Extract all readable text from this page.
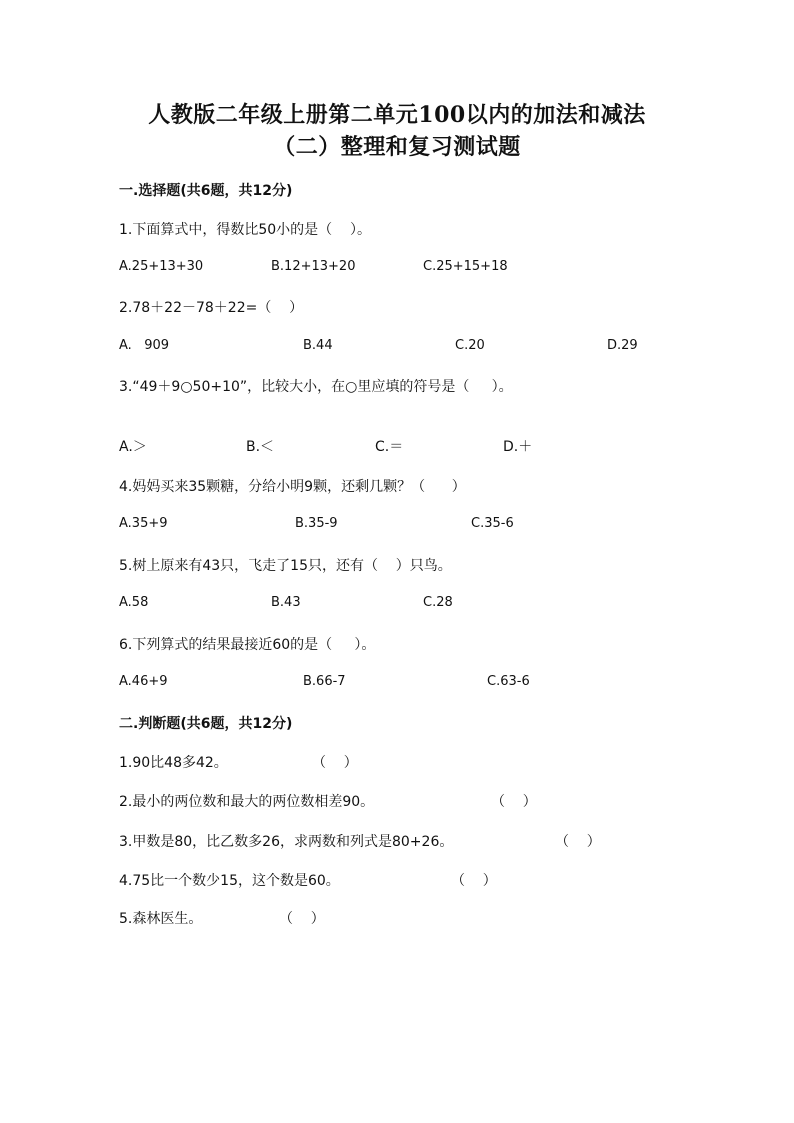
人教版二年级上册第二单元100以内的加法和减法
（二）整理和复习测试题
一.选择题(共6题，共12分)
1.下面算式中，得数比50小的是（    ）。
A.25+13+30	B.12+13+20	C.25+15+18
2.78＋22－78＋22=（    ）
A.   909	B.44	C.20	D.29
3.“49＋9○50+10”，比较大小，在○里应填的符号是（     ）。
A.＞	B.＜	C.＝	D.＋
4.妈妈买来35颗糖，分给小明9颗，还剩几颗？（      ）
A.35+9	B.35-9	C.35-6
5.树上原来有43只，飞走了15只，还有（    ）只鸟。
A.58	B.43	C.28
6.下列算式的结果最接近60的是（     ）。
A.46+9	B.66-7	C.63-6
二.判断题(共6题，共12分)
1.90比48多42。	（    ）
2.最小的两位数和最大的两位数相差90。	（    ）
3.甲数是80，比乙数多26，求两数和列式是80+26。	（    ）
4.75比一个数少15，这个数是60。	（    ）
5.森林医生。	（    ）
